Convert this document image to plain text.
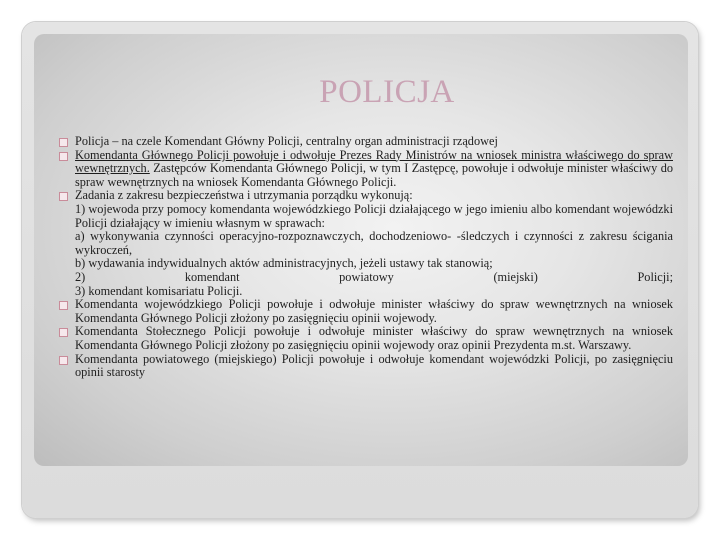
POLICJA
Policja – na czele Komendant Główny Policji, centralny organ administracji rządowej
Komendanta Głównego Policji powołuje i odwołuje Prezes Rady Ministrów na wniosek ministra właściwego do spraw wewnętrznych. Zastępców Komendanta Głównego Policji, w tym I Zastępcę, powołuje i odwołuje minister właściwy do spraw wewnętrznych na wniosek Komendanta Głównego Policji.
Zadania z zakresu bezpieczeństwa i utrzymania porządku wykonują:
1) wojewoda przy pomocy komendanta wojewódzkiego Policji działającego w jego imieniu albo komendant wojewódzki Policji działający w imieniu własnym w sprawach:
a) wykonywania czynności operacyjno-rozpoznawczych, dochodzeniowo- -śledczych i czynności z zakresu ścigania wykroczeń,
b) wydawania indywidualnych aktów administracyjnych, jeżeli ustawy tak stanowią;
2) komendant powiatowy (miejski) Policji;
3) komendant komisariatu Policji.
Komendanta wojewódzkiego Policji powołuje i odwołuje minister właściwy do spraw wewnętrznych na wniosek Komendanta Głównego Policji złożony po zasięgnięciu opinii wojewody.
Komendanta Stołecznego Policji powołuje i odwołuje minister właściwy do spraw wewnętrznych na wniosek Komendanta Głównego Policji złożony po zasięgnięciu opinii wojewody oraz opinii Prezydenta m.st. Warszawy.
Komendanta powiatowego (miejskiego) Policji powołuje i odwołuje komendant wojewódzki Policji, po zasięgnięciu opinii starosty
